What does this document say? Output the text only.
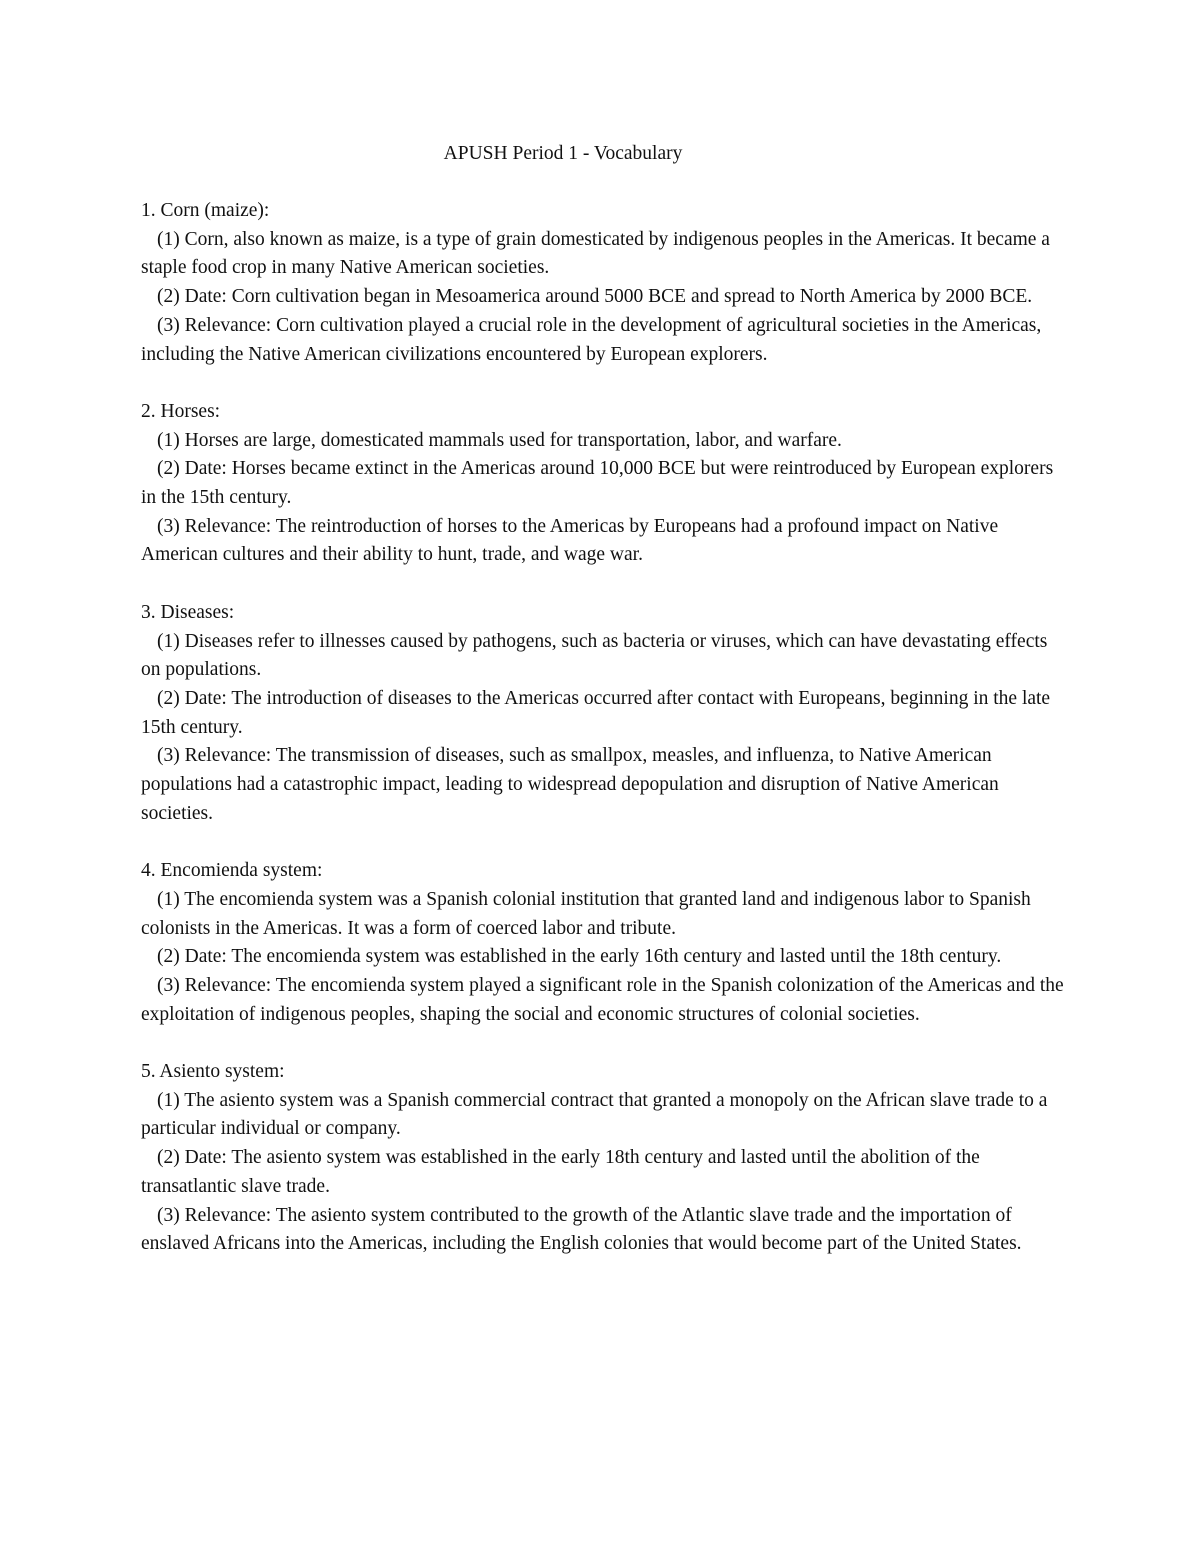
APUSH Period 1 - Vocabulary

1. Corn (maize):

(1) Corn, also known as maize, is a type of grain domesticated by indigenous peoples in the Americas. It became a staple food crop in many Native American societies.

(2) Date: Corn cultivation began in Mesoamerica around 5000 BCE and spread to North America by 2000 BCE.

(3) Relevance: Corn cultivation played a crucial role in the development of agricultural societies in the Americas, including the Native American civilizations encountered by European explorers.

2. Horses:

(1) Horses are large, domesticated mammals used for transportation, labor, and warfare.

(2) Date: Horses became extinct in the Americas around 10,000 BCE but were reintroduced by European explorers in the 15th century.

(3) Relevance: The reintroduction of horses to the Americas by Europeans had a profound impact on Native American cultures and their ability to hunt, trade, and wage war.

3. Diseases:

(1) Diseases refer to illnesses caused by pathogens, such as bacteria or viruses, which can have devastating effects on populations.

(2) Date: The introduction of diseases to the Americas occurred after contact with Europeans, beginning in the late 15th century.

(3) Relevance: The transmission of diseases, such as smallpox, measles, and influenza, to Native American populations had a catastrophic impact, leading to widespread depopulation and disruption of Native American societies.

4. Encomienda system:

(1) The encomienda system was a Spanish colonial institution that granted land and indigenous labor to Spanish colonists in the Americas. It was a form of coerced labor and tribute.

(2) Date: The encomienda system was established in the early 16th century and lasted until the 18th century.

(3) Relevance: The encomienda system played a significant role in the Spanish colonization of the Americas and the exploitation of indigenous peoples, shaping the social and economic structures of colonial societies.

5. Asiento system:

(1) The asiento system was a Spanish commercial contract that granted a monopoly on the African slave trade to a particular individual or company.

(2) Date: The asiento system was established in the early 18th century and lasted until the abolition of the transatlantic slave trade.

(3) Relevance: The asiento system contributed to the growth of the Atlantic slave trade and the importation of enslaved Africans into the Americas, including the English colonies that would become part of the United States.
